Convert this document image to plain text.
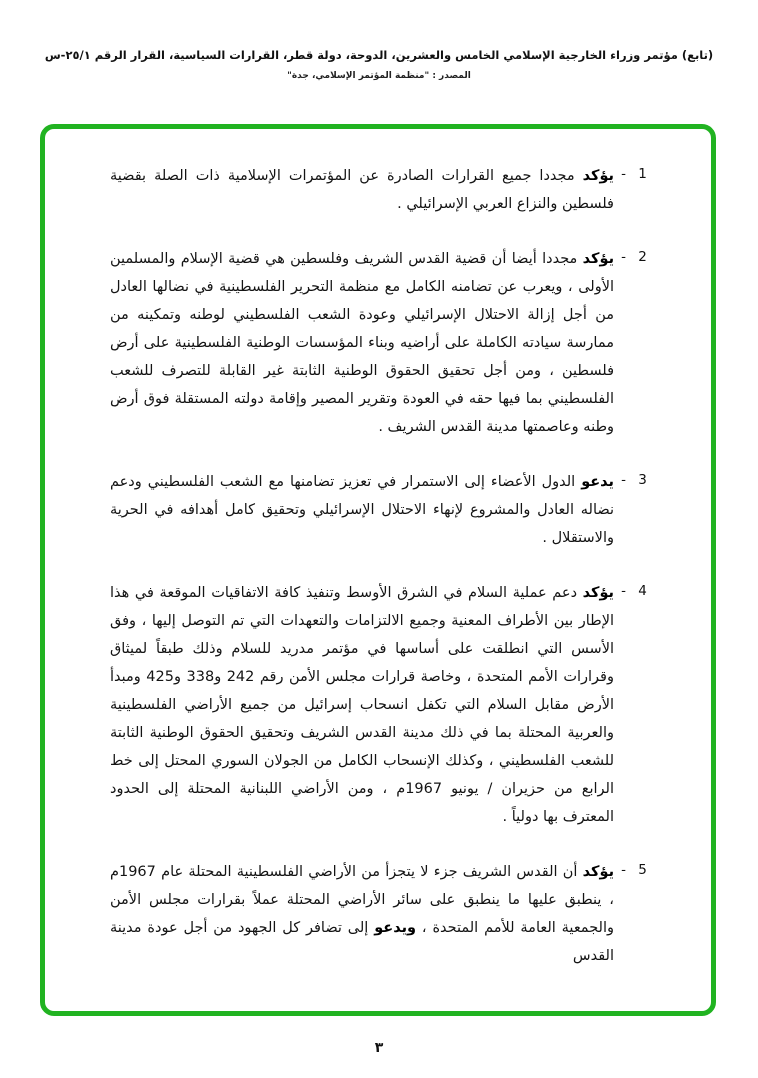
(تابع) مؤتمر وزراء الخارجية الإسلامي الخامس والعشرين، الدوحة، دولة قطر، القرارات السياسية، القرار الرقم ٢٥/١-س
المصدر : "منظمة المؤتمر الإسلامي، جدة"
- 1

يؤكد مجددا جميع القرارات الصادرة عن المؤتمرات الإسلامية ذات الصلة بقضية فلسطين والنزاع العربي الإسرائيلي .

- 2

يؤكد مجددا أيضا أن قضية القدس الشريف وفلسطين هي قضية الإسلام والمسلمين الأولى ، ويعرب عن تضامنه الكامل مع منظمة التحرير الفلسطينية في نضالها العادل من أجل إزالة الاحتلال الإسرائيلي وعودة الشعب الفلسطيني لوطنه وتمكينه من ممارسة سيادته الكاملة على أراضيه وبناء المؤسسات الوطنية الفلسطينية على أرض فلسطين ، ومن أجل تحقيق الحقوق الوطنية الثابتة غير القابلة للتصرف للشعب الفلسطيني بما فيها حقه في العودة وتقرير المصير وإقامة دولته المستقلة فوق أرض وطنه وعاصمتها مدينة القدس الشريف .

- 3

يدعو الدول الأعضاء إلى الاستمرار في تعزيز تضامنها مع الشعب الفلسطيني ودعم نضاله العادل والمشروع لإنهاء الاحتلال الإسرائيلي وتحقيق كامل أهدافه في الحرية والاستقلال .

- 4

يؤكد دعم عملية السلام في الشرق الأوسط وتنفيذ كافة الاتفاقيات الموقعة في هذا الإطار بين الأطراف المعنية وجميع الالتزامات والتعهدات التي تم التوصل إليها ، وفق الأسس التي انطلقت على أساسها في مؤتمر مدريد للسلام وذلك طبقاً لميثاق وقرارات الأمم المتحدة ، وخاصة قرارات مجلس الأمن رقم 242 و338 و425 ومبدأ الأرض مقابل السلام التي تكفل انسحاب إسرائيل من جميع الأراضي الفلسطينية والعربية المحتلة بما في ذلك مدينة القدس الشريف وتحقيق الحقوق الوطنية الثابتة للشعب الفلسطيني ، وكذلك الإنسحاب الكامل من الجولان السوري المحتل إلى خط الرابع من حزيران / يونيو 1967م ، ومن الأراضي اللبنانية المحتلة إلى الحدود المعترف بها دولياً .

- 5

يؤكد أن القدس الشريف جزء لا يتجزأ من الأراضي الفلسطينية المحتلة عام 1967م ، ينطبق عليها ما ينطبق على سائر الأراضي المحتلة عملاً بقرارات مجلس الأمن والجمعية العامة للأمم المتحدة ، ويدعو إلى تضافر كل الجهود من أجل عودة مدينة القدس

٣
